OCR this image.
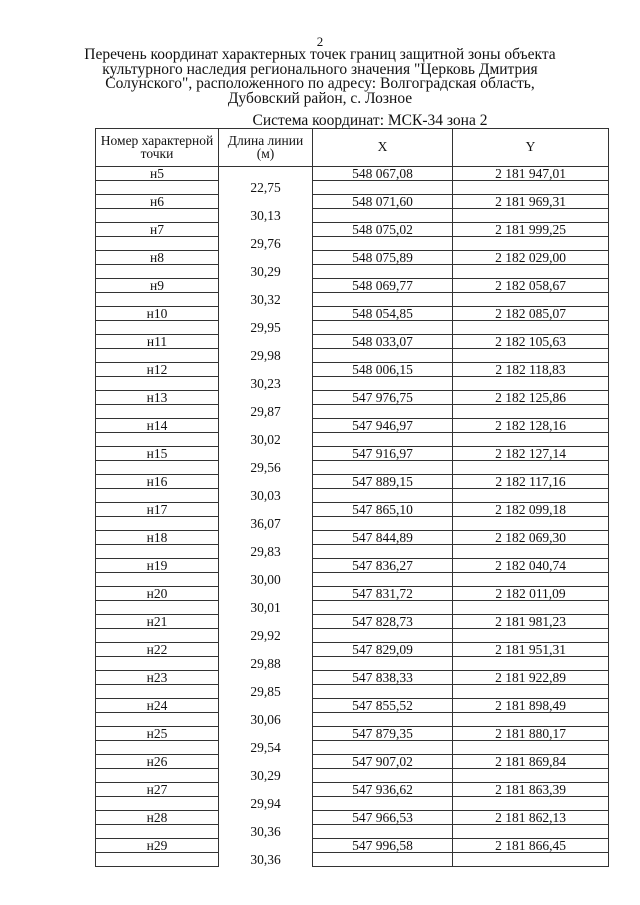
2
Перечень координат характерных точек границ защитной зоны объекта
культурного наследия регионального значения "Церковь Дмитрия
Солунского", расположенного по адресу: Волгоградская область,
Дубовский район, с. Лозное
Система координат: МСК-34 зона 2
Номер характерной точки	Длина линии (м)	X	Y
н5		548 067,08	2 181 947,01
	22,75		
н6		548 071,60	2 181 969,31
	30,13		
н7		548 075,02	2 181 999,25
	29,76		
н8		548 075,89	2 182 029,00
	30,29		
н9		548 069,77	2 182 058,67
	30,32		
н10		548 054,85	2 182 085,07
	29,95		
н11		548 033,07	2 182 105,63
	29,98		
н12		548 006,15	2 182 118,83
	30,23		
н13		547 976,75	2 182 125,86
	29,87		
н14		547 946,97	2 182 128,16
	30,02		
н15		547 916,97	2 182 127,14
	29,56		
н16		547 889,15	2 182 117,16
	30,03		
н17		547 865,10	2 182 099,18
	36,07		
н18		547 844,89	2 182 069,30
	29,83		
н19		547 836,27	2 182 040,74
	30,00		
н20		547 831,72	2 182 011,09
	30,01		
н21		547 828,73	2 181 981,23
	29,92		
н22		547 829,09	2 181 951,31
	29,88		
н23		547 838,33	2 181 922,89
	29,85		
н24		547 855,52	2 181 898,49
	30,06		
н25		547 879,35	2 181 880,17
	29,54		
н26		547 907,02	2 181 869,84
	30,29		
н27		547 936,62	2 181 863,39
	29,94		
н28		547 966,53	2 181 862,13
	30,36		
н29		547 996,58	2 181 866,45
	30,36		
